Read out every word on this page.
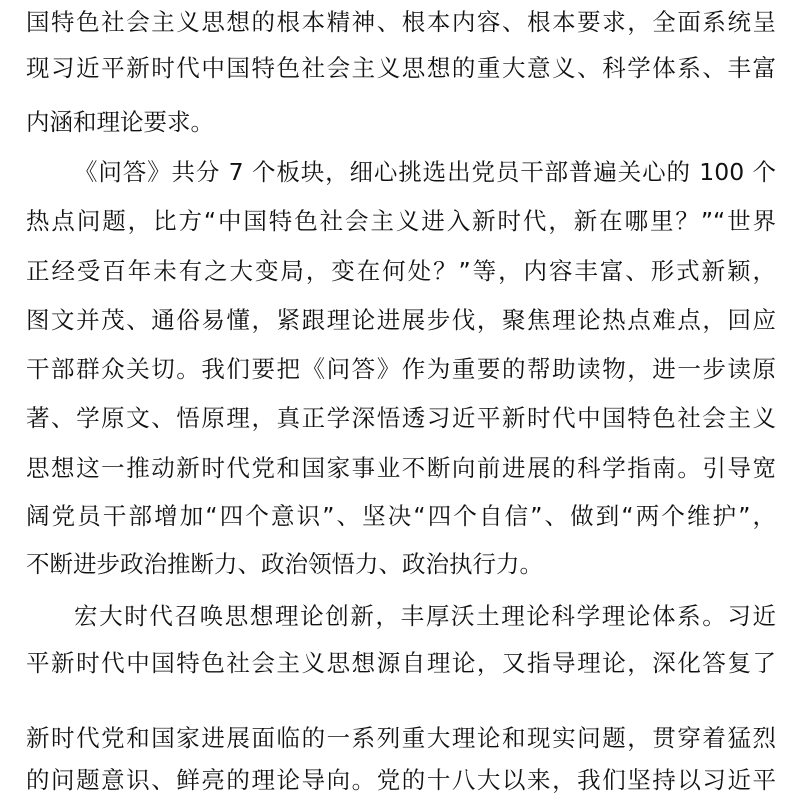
国特色社会主义思想的根本精神、根本内容、根本要求，全面系统呈
现习近平新时代中国特色社会主义思想的重大意义、科学体系、丰富
内涵和理论要求。
《问答》共分 7 个板块，细心挑选出党员干部普遍关心的 100 个
热点问题，比方“中国特色社会主义进入新时代，新在哪里？”“世界
正经受百年未有之大变局，变在何处？”等，内容丰富、形式新颖，
图文并茂、通俗易懂，紧跟理论进展步伐，聚焦理论热点难点，回应
干部群众关切。我们要把《问答》作为重要的帮助读物，进一步读原
著、学原文、悟原理，真正学深悟透习近平新时代中国特色社会主义
思想这一推动新时代党和国家事业不断向前进展的科学指南。引导宽
阔党员干部增加“四个意识”、坚决“四个自信”、做到“两个维护”，
不断进步政治推断力、政治领悟力、政治执行力。
宏大时代召唤思想理论创新，丰厚沃土理论科学理论体系。习近
平新时代中国特色社会主义思想源自理论，又指导理论，深化答复了
新时代党和国家进展面临的一系列重大理论和现实问题，贯穿着猛烈
的问题意识、鲜亮的理论导向。党的十八大以来，我们坚持以习近平
